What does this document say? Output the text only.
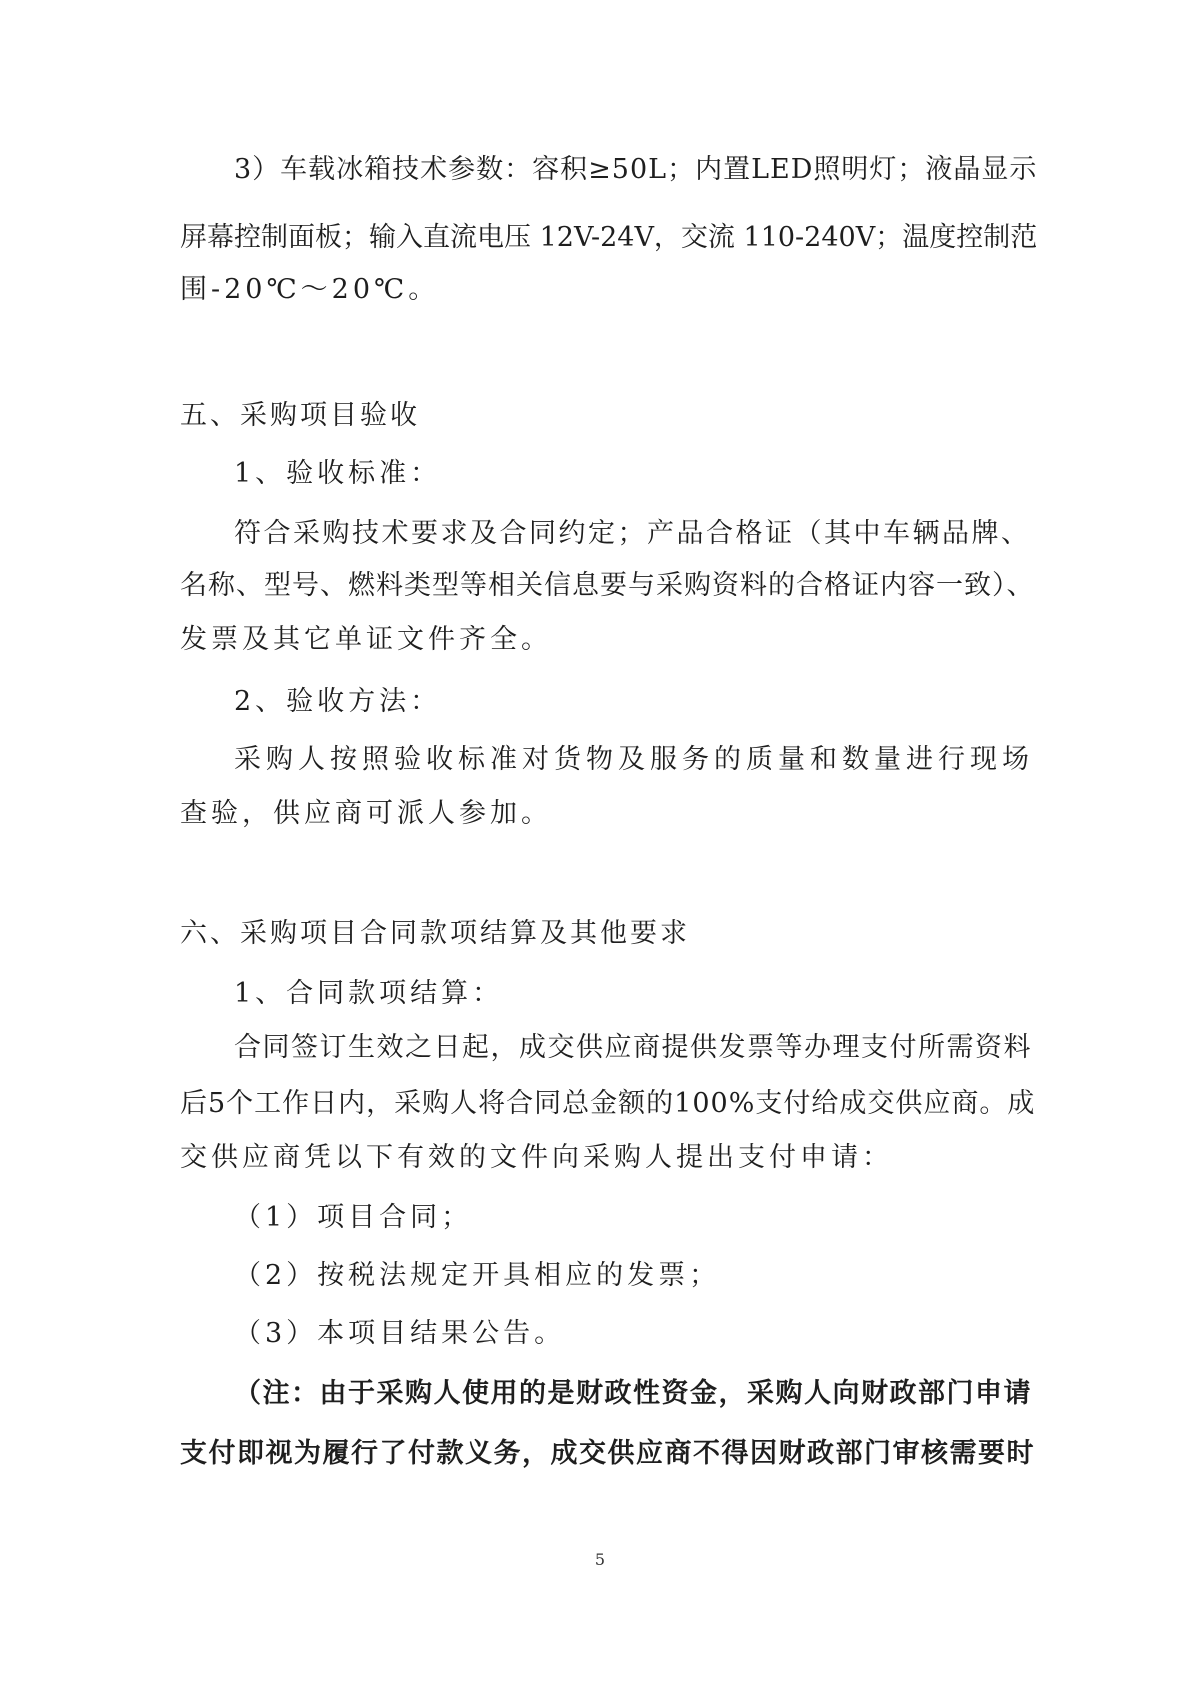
3）车载冰箱技术参数：容积≥50L；内置LED照明灯；液晶显示
屏幕控制面板；输入直流电压 12V-24V，交流 110-240V；温度控制范
围-20℃～20℃。
五、采购项目验收
1、验收标准：
符合采购技术要求及合同约定；产品合格证（其中车辆品牌、
名称、型号、燃料类型等相关信息要与采购资料的合格证内容一致）、
发票及其它单证文件齐全。
2、验收方法：
采购人按照验收标准对货物及服务的质量和数量进行现场
查验，供应商可派人参加。
六、采购项目合同款项结算及其他要求
1、合同款项结算：
合同签订生效之日起，成交供应商提供发票等办理支付所需资料
后5个工作日内，采购人将合同总金额的100%支付给成交供应商。成
交供应商凭以下有效的文件向采购人提出支付申请：
（1）项目合同；
（2）按税法规定开具相应的发票；
（3）本项目结果公告。
（注：由于采购人使用的是财政性资金，采购人向财政部门申请
支付即视为履行了付款义务，成交供应商不得因财政部门审核需要时
5
